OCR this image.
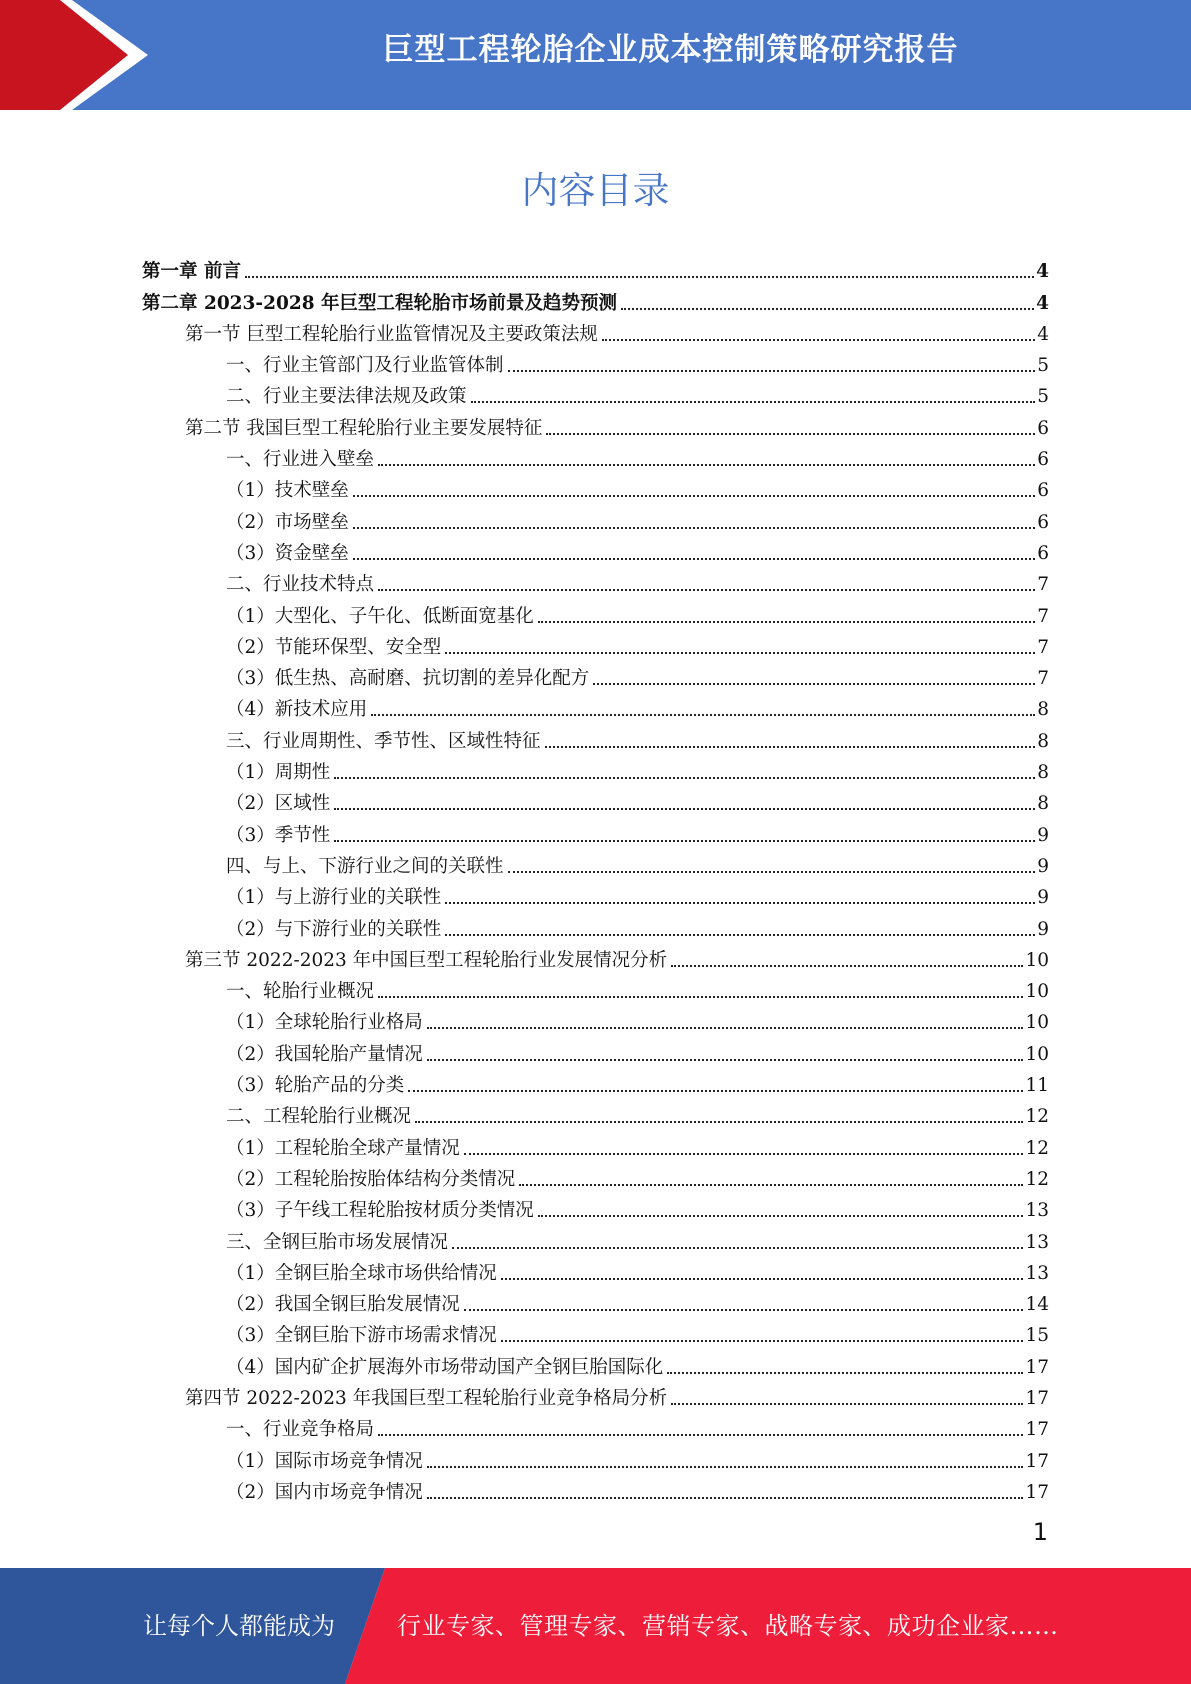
巨型工程轮胎企业成本控制策略研究报告
内容目录
第一章 前言	4
第二章 2023-2028 年巨型工程轮胎市场前景及趋势预测	4
第一节 巨型工程轮胎行业监管情况及主要政策法规	4
一、行业主管部门及行业监管体制	5
二、行业主要法律法规及政策	5
第二节 我国巨型工程轮胎行业主要发展特征	6
一、行业进入壁垒	6
（1）技术壁垒	6
（2）市场壁垒	6
（3）资金壁垒	6
二、行业技术特点	7
（1）大型化、子午化、低断面宽基化	7
（2）节能环保型、安全型	7
（3）低生热、高耐磨、抗切割的差异化配方	7
（4）新技术应用	8
三、行业周期性、季节性、区域性特征	8
（1）周期性	8
（2）区域性	8
（3）季节性	9
四、与上、下游行业之间的关联性	9
（1）与上游行业的关联性	9
（2）与下游行业的关联性	9
第三节 2022-2023 年中国巨型工程轮胎行业发展情况分析	10
一、轮胎行业概况	10
（1）全球轮胎行业格局	10
（2）我国轮胎产量情况	10
（3）轮胎产品的分类	11
二、工程轮胎行业概况	12
（1）工程轮胎全球产量情况	12
（2）工程轮胎按胎体结构分类情况	12
（3）子午线工程轮胎按材质分类情况	13
三、全钢巨胎市场发展情况	13
（1）全钢巨胎全球市场供给情况	13
（2）我国全钢巨胎发展情况	14
（3）全钢巨胎下游市场需求情况	15
（4）国内矿企扩展海外市场带动国产全钢巨胎国际化	17
第四节 2022-2023 年我国巨型工程轮胎行业竞争格局分析	17
一、行业竞争格局	17
（1）国际市场竞争情况	17
（2）国内市场竞争情况	17
1
让每个人都能成为	行业专家、管理专家、营销专家、战略专家、成功企业家……
